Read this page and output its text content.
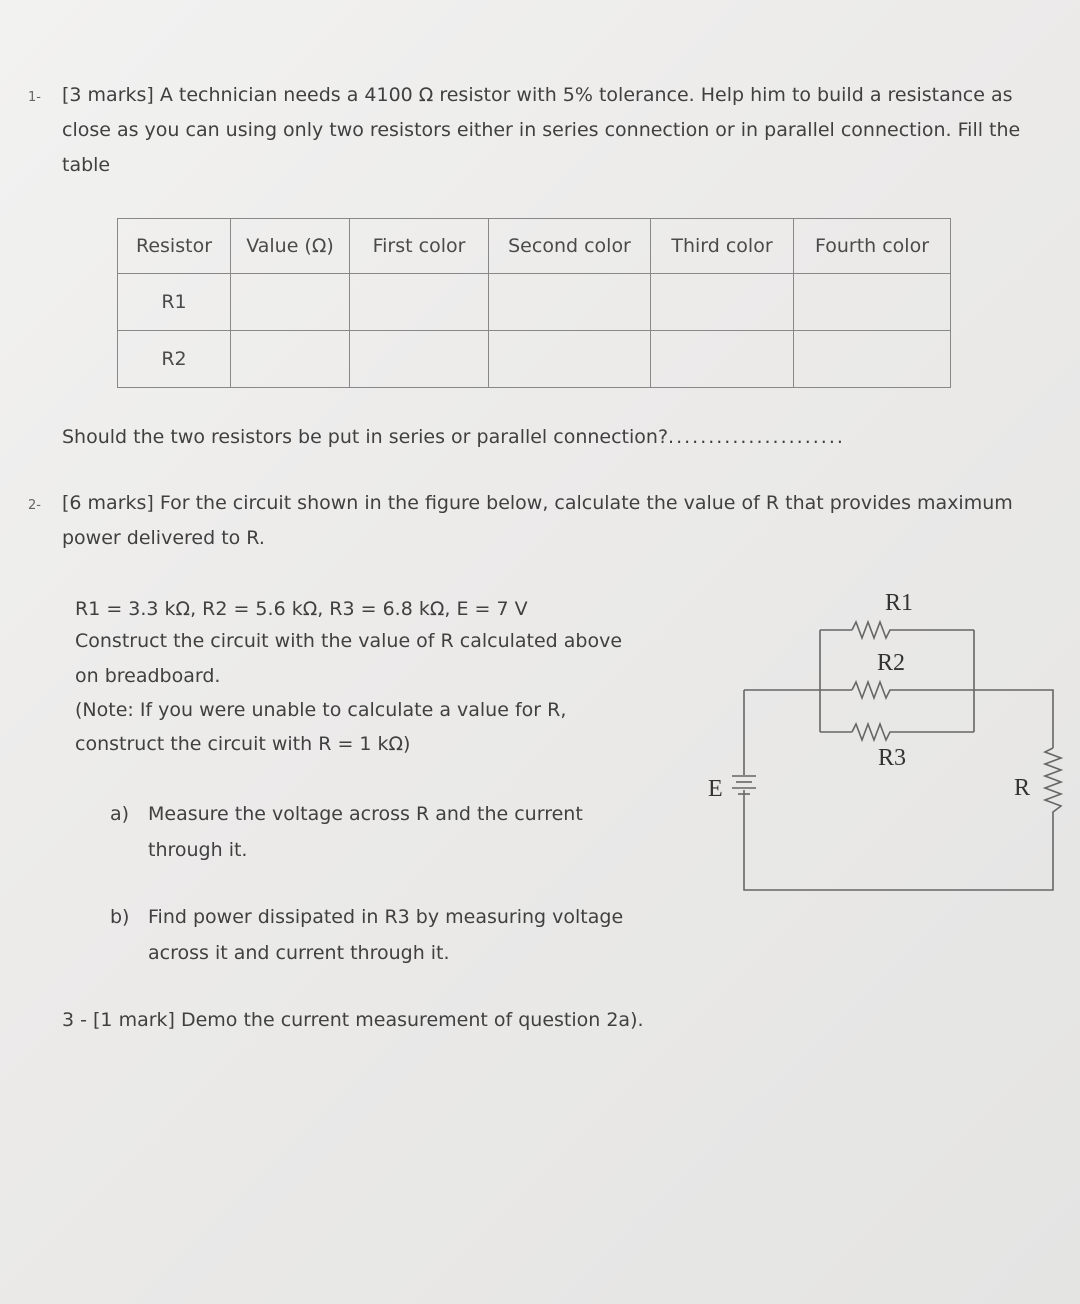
1- [3 marks] A technician needs a 4100 Ω resistor with 5% tolerance. Help him to build a resistance as
close as you can using only two resistors either in series connection or in parallel connection. Fill the
table
Resistor	Value (Ω)	First color	Second color	Third color	Fourth color
R1					
R2					
Should the two resistors be put in series or parallel connection?......................
2- [6 marks] For the circuit shown in the figure below, calculate the value of R that provides maximum
power delivered to R.
R1 = 3.3 kΩ, R2 = 5.6 kΩ, R3 = 6.8 kΩ, E = 7 V
Construct the circuit with the value of R calculated above
on breadboard.
(Note: If you were unable to calculate a value for R,
construct the circuit with R = 1 kΩ)
a) Measure the voltage across R and the current
through it.
b) Find power dissipated in R3 by measuring voltage
across it and current through it.
R1
R2
R3
E	R
3 - [1 mark] Demo the current measurement of question 2a).
